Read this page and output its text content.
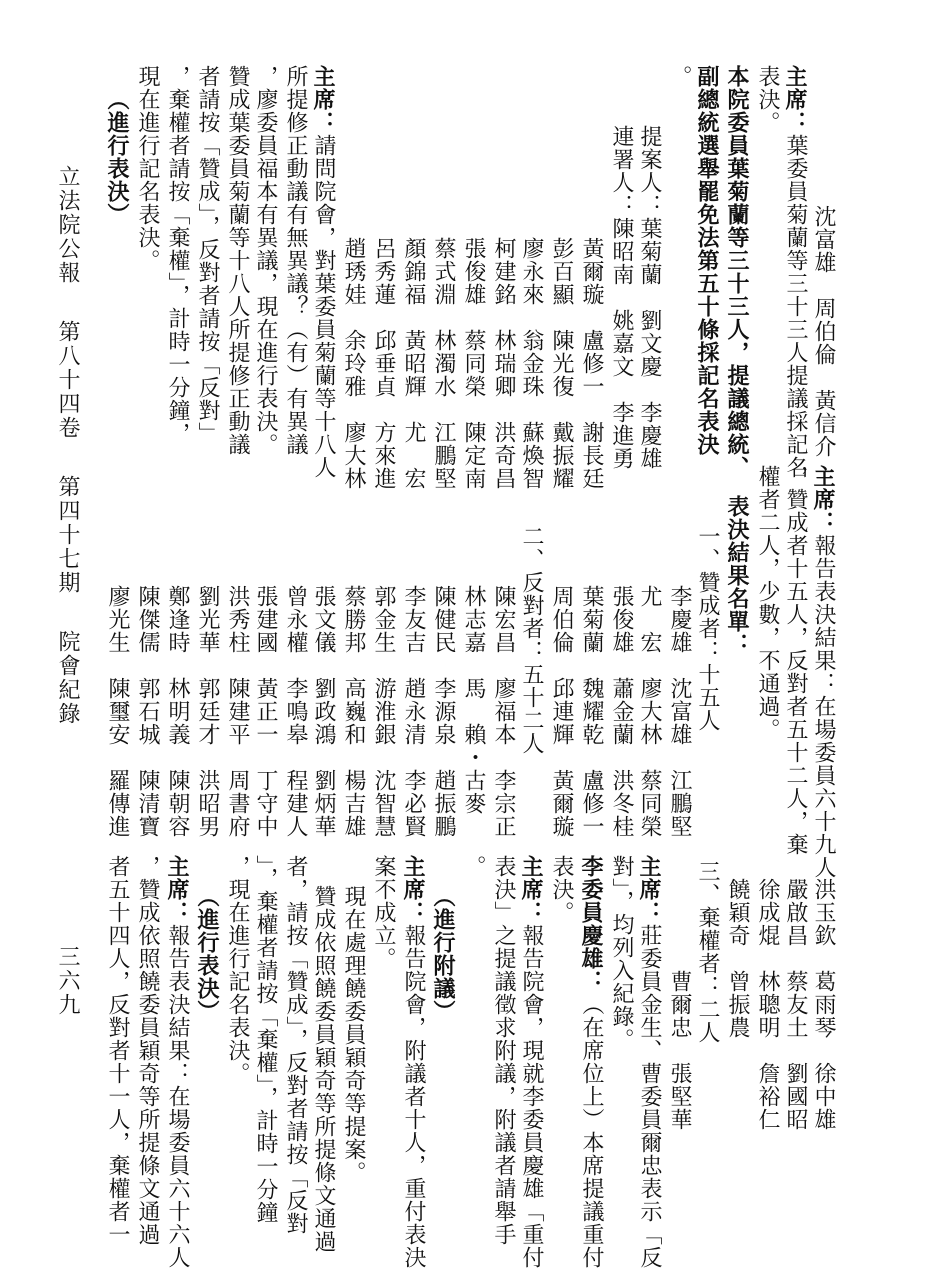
沈富雄　周伯倫　黃信介
主席：葉委員菊蘭等三十三人提議採記名
表決。
本院委員葉菊蘭等三十三人，提議總統、
副總統選舉罷免法第五十條採記名表決
。
提案人：葉菊蘭　劉文慶　李慶雄
連署人：陳昭南　姚嘉文　李進勇
黃爾璇　盧修一　謝長廷
彭百顯　陳光復　戴振耀
廖永來　翁金珠　蘇煥智
柯建銘　林瑞卿　洪奇昌
張俊雄　蔡同榮　陳定南
蔡式淵　林濁水　江鵬堅
顏錦福　黃昭輝　尤　宏
呂秀蓮　邱垂貞　方來進
趙琇娃　余玲雅　廖大林
主席：請問院會，對葉委員菊蘭等十八人
所提修正動議有無異議？（有）有異議
，廖委員福本有異議，現在進行表決。
贊成葉委員菊蘭等十八人所提修正動議
者請按「贊成」，反對者請按「反對」
，棄權者請按「棄權」，計時一分鐘，
現在進行記名表決。
（進行表決）
主席：報告表決結果：在場委員六十九人
，贊成者十五人，反對者五十二人，棄
權者二人，少數，不通過。
表決結果名單：
一、贊成者：十五人
李慶雄　沈富雄　江鵬堅
尤　宏　廖大林　蔡同榮
張俊雄　蕭金蘭　洪冬桂
葉菊蘭　魏耀乾　盧修一
周伯倫　邱連輝　黃爾璇
二、反對者：五十二人
陳宏昌　廖福本　李宗正
林志嘉　馬　賴・古麥
陳健民　李源泉　趙振鵬
李友吉　趙永清　李必賢
郭金生　游淮銀　沈智慧
蔡勝邦　高巍和　楊吉雄
張文儀　劉政鴻　劉炳華
曾永權　李鳴皋　程建人
張建國　黃正一　丁守中
洪秀柱　陳建平　周書府
劉光華　郭廷才　洪昭男
鄭逢時　林明義　陳朝容
陳傑儒　郭石城　陳清寶
廖光生　陳璽安　羅傳進
洪玉欽　葛雨琴　徐中雄
嚴啟昌　蔡友土　劉國昭
徐成焜　林聰明　詹裕仁
饒穎奇　曾振農
三、棄權者：二人
曹爾忠　張堅華
主席：莊委員金生、曹委員爾忠表示「反
對」，均列入紀錄。
李委員慶雄：（在席位上）本席提議重付
表決。
主席：報告院會，現就李委員慶雄「重付
表決」之提議徵求附議，附議者請舉手
。
（進行附議）
主席：報告院會，附議者十人，重付表決
案不成立。
現在處理饒委員穎奇等提案。
贊成依照饒委員穎奇等所提條文通過
者，請按「贊成」，反對者請按「反對
」，棄權者請按「棄權」，計時一分鐘
，現在進行記名表決。
（進行表決）
主席：報告表決結果：在場委員六十六人
，贊成依照饒委員穎奇等所提條文通過
者五十四人，反對者十一人，棄權者一
立法院公報 第八十四卷 第四十七期 院會紀錄
三六九
